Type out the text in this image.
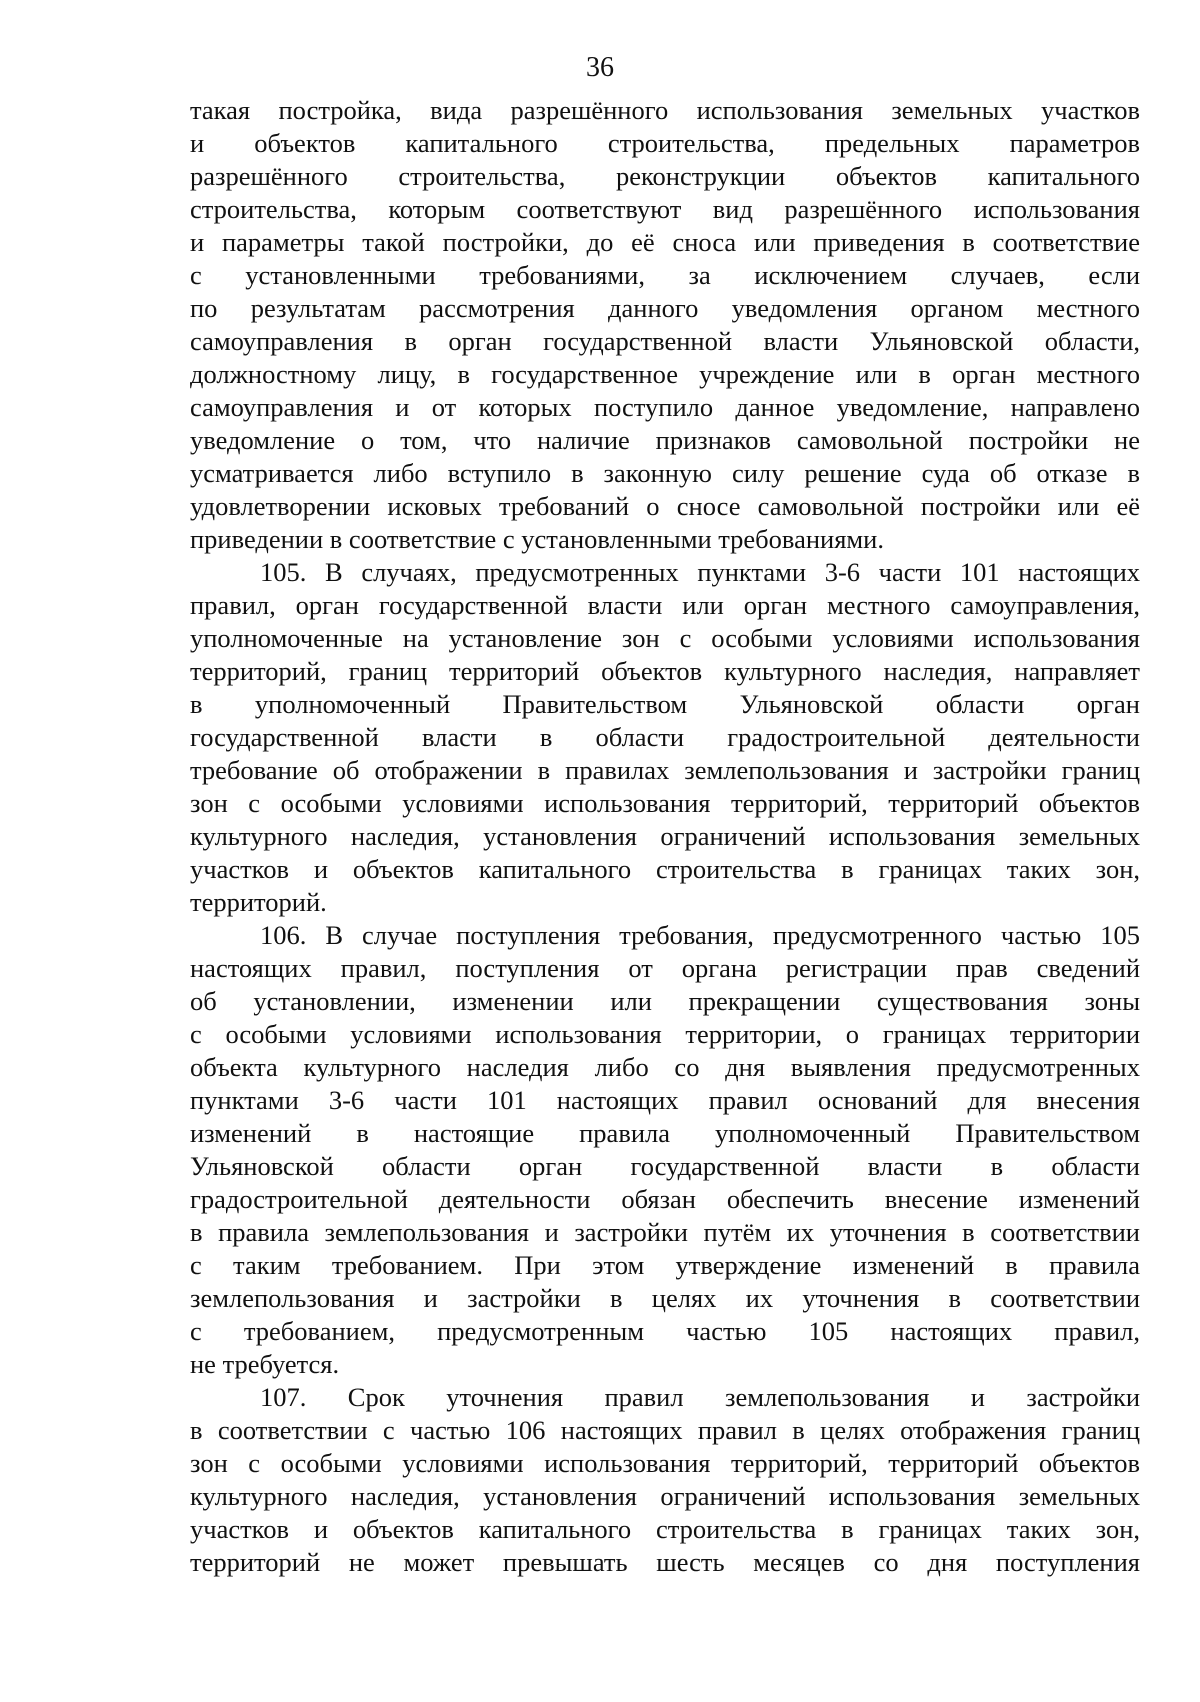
36
такая постройка, вида разрешённого использования земельных участков
и объектов капитального строительства, предельных параметров
разрешённого строительства, реконструкции объектов капитального
строительства, которым соответствуют вид разрешённого использования
и параметры такой постройки, до её сноса или приведения в соответствие
с установленными требованиями, за исключением случаев, если
по результатам рассмотрения данного уведомления органом местного
самоуправления в орган государственной власти Ульяновской области,
должностному лицу, в государственное учреждение или в орган местного
самоуправления и от которых поступило данное уведомление, направлено
уведомление о том, что наличие признаков самовольной постройки не
усматривается либо вступило в законную силу решение суда об отказе в
удовлетворении исковых требований о сносе самовольной постройки или её
приведении в соответствие с установленными требованиями.
105. В случаях, предусмотренных пунктами 3-6 части 101 настоящих
правил, орган государственной власти или орган местного самоуправления,
уполномоченные на установление зон с особыми условиями использования
территорий, границ территорий объектов культурного наследия, направляет
в уполномоченный Правительством Ульяновской области орган
государственной власти в области градостроительной деятельности
требование об отображении в правилах землепользования и застройки границ
зон с особыми условиями использования территорий, территорий объектов
культурного наследия, установления ограничений использования земельных
участков и объектов капитального строительства в границах таких зон,
территорий.
106. В случае поступления требования, предусмотренного частью 105
настоящих правил, поступления от органа регистрации прав сведений
об установлении, изменении или прекращении существования зоны
с особыми условиями использования территории, о границах территории
объекта культурного наследия либо со дня выявления предусмотренных
пунктами 3-6 части 101 настоящих правил оснований для внесения
изменений в настоящие правила уполномоченный Правительством
Ульяновской области орган государственной власти в области
градостроительной деятельности обязан обеспечить внесение изменений
в правила землепользования и застройки путём их уточнения в соответствии
с таким требованием. При этом утверждение изменений в правила
землепользования и застройки в целях их уточнения в соответствии
с требованием, предусмотренным частью 105 настоящих правил,
не требуется.
107. Срок уточнения правил землепользования и застройки
в соответствии с частью 106 настоящих правил в целях отображения границ
зон с особыми условиями использования территорий, территорий объектов
культурного наследия, установления ограничений использования земельных
участков и объектов капитального строительства в границах таких зон,
территорий не может превышать шесть месяцев со дня поступления
